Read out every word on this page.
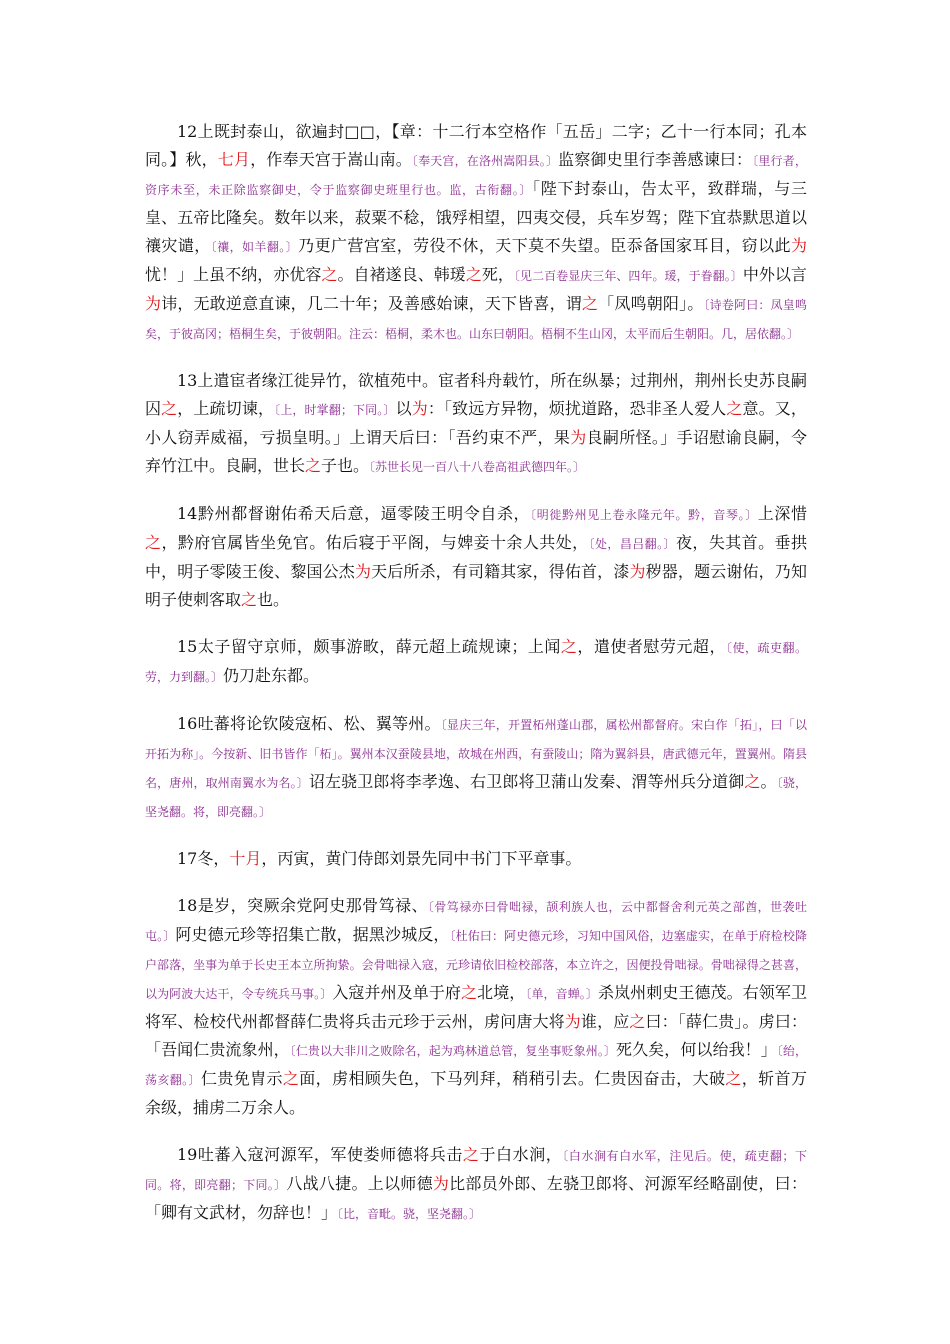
12上既封泰山，欲遍封□□，【章：十二行本空格作「五岳」二字；乙十一行本同；孔本同。】秋，七月，作奉天宫于嵩山南。〔奉天宫，在洛州嵩阳县。〕监察御史里行李善感谏曰：〔里行者，资序未至，未正除监察御史，令于监察御史班里行也。监，古衔翻。〕「陛下封泰山，告太平，致群瑞，与三皇、五帝比隆矣。数年以来，菽粟不稔，饿殍相望，四夷交侵，兵车岁驾；陛下宜恭默思道以禳灾谴，〔禳，如羊翻。〕乃更广营宫室，劳役不休，天下莫不失望。臣忝备国家耳目，窃以此为忧！」上虽不纳，亦优容之。自褚遂良、韩瑗之死，〔见二百卷显庆三年、四年。瑗，于眷翻。〕中外以言为讳，无敢逆意直谏，几二十年；及善感始谏，天下皆喜，谓之「凤鸣朝阳」。〔诗卷阿曰：凤皇鸣矣，于彼高冈；梧桐生矣，于彼朝阳。注云：梧桐，柔木也。山东曰朝阳。梧桐不生山冈，太平而后生朝阳。几，居依翻。〕

13上遣宦者缘江徙异竹，欲植苑中。宦者科舟载竹，所在纵暴；过荆州，荆州长史苏良嗣囚之，上疏切谏，〔上，时掌翻；下同。〕以为：「致远方异物，烦扰道路，恐非圣人爱人之意。又，小人窃弄威福，亏损皇明。」上谓天后曰：「吾约束不严，果为良嗣所怪。」手诏慰谕良嗣，令弃竹江中。良嗣，世长之子也。〔苏世长见一百八十八卷高祖武德四年。〕

14黔州都督谢佑希天后意，逼零陵王明令自杀，〔明徙黔州见上卷永隆元年。黔，音琴。〕上深惜之，黔府官属皆坐免官。佑后寝于平阁，与婢妾十余人共处，〔处，昌吕翻。〕夜，失其首。垂拱中，明子零陵王俊、黎国公杰为天后所杀，有司籍其家，得佑首，漆为秽器，题云谢佑，乃知明子使刺客取之也。

15太子留守京师，颇事游畋，薛元超上疏规谏；上闻之，遣使者慰劳元超，〔使，疏吏翻。劳，力到翻。〕仍刀赴东都。

16吐蕃将论钦陵寇柘、松、翼等州。〔显庆三年，开置柘州蓬山郡，属松州都督府。宋白作「拓」，曰「以开拓为称」。今按新、旧书皆作「柘」。翼州本汉蚕陵县地，故城在州西，有蚕陵山；隋为翼斜县，唐武德元年，置翼州。隋县名，唐州，取州南翼水为名。〕诏左骁卫郎将李孝逸、右卫郎将卫蒲山发秦、渭等州兵分道御之。〔骁，坚尧翻。将，即亮翻。〕

17冬，十月，丙寅，黄门侍郎刘景先同中书门下平章事。

18是岁，突厥余党阿史那骨笃禄、〔骨笃禄亦曰骨咄禄，颉利族人也，云中都督舍利元英之部酋，世袭吐屯。〕阿史德元珍等招集亡散，据黑沙城反，〔杜佑曰：阿史德元珍，习知中国风俗，边塞虚实，在单于府检校降户部落，坐事为单于长史王本立所拘絷。会骨咄禄入寇，元珍请依旧检校部落，本立许之，因便投骨咄禄。骨咄禄得之甚喜，以为阿波大达干，令专统兵马事。〕入寇并州及单于府之北境，〔单，音蝉。〕杀岚州刺史王德茂。右领军卫将军、检校代州都督薛仁贵将兵击元珍于云州，虏问唐大将为谁，应之曰：「薛仁贵」。虏曰：「吾闻仁贵流象州，〔仁贵以大非川之败除名，起为鸡林道总管，复坐事贬象州。〕死久矣，何以绐我！」〔绐，荡亥翻。〕仁贵免胄示之面，虏相顾失色，下马列拜，稍稍引去。仁贵因奋击，大破之，斩首万余级，捕虏二万余人。

19吐蕃入寇河源军，军使娄师德将兵击之于白水涧，〔白水涧有白水军，注见后。使，疏吏翻；下同。将，即亮翻；下同。〕八战八捷。上以师德为比部员外郎、左骁卫郎将、河源军经略副使，曰：「卿有文武材，勿辞也！」〔比，音毗。骁，坚尧翻。〕
